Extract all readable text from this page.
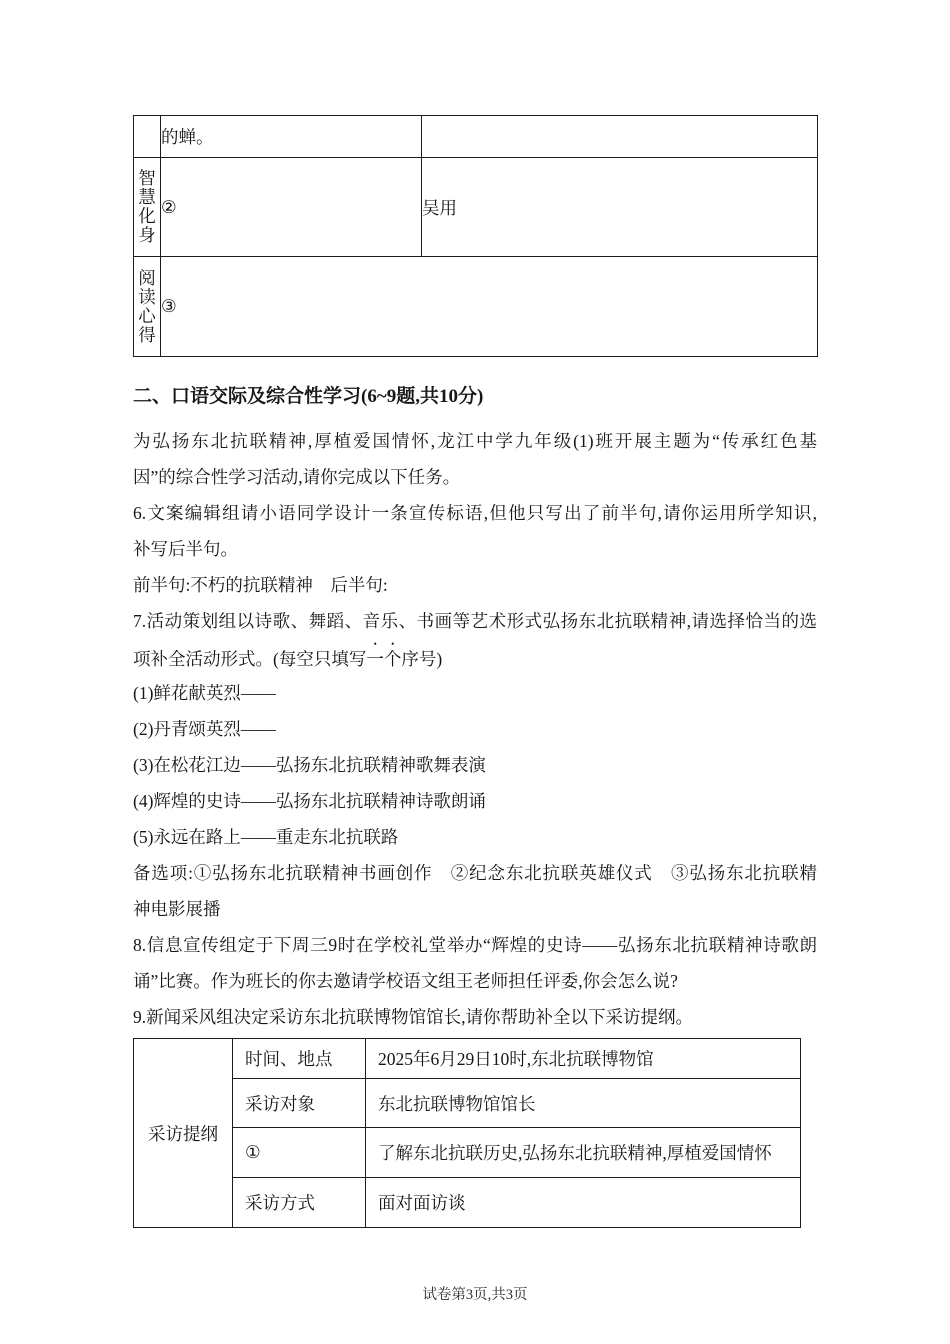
	的蝉。	
智慧化身	②	吴用
阅读心得	③	
二、口语交际及综合性学习(6~9题,共10分)

为弘扬东北抗联精神,厚植爱国情怀,龙江中学九年级(1)班开展主题为“传承红色基

因”的综合性学习活动,请你完成以下任务。

6.文案编辑组请小语同学设计一条宣传标语,但他只写出了前半句,请你运用所学知识,

补写后半句。

前半句:不朽的抗联精神　后半句:

7.活动策划组以诗歌、舞蹈、音乐、书画等艺术形式弘扬东北抗联精神,请选择恰当的选

项补全活动形式。(每空只填写一个序号)

(1)鲜花献英烈——

(2)丹青颂英烈——

(3)在松花江边——弘扬东北抗联精神歌舞表演

(4)辉煌的史诗——弘扬东北抗联精神诗歌朗诵

(5)永远在路上——重走东北抗联路

备选项:①弘扬东北抗联精神书画创作　②纪念东北抗联英雄仪式　③弘扬东北抗联精

神电影展播

8.信息宣传组定于下周三9时在学校礼堂举办“辉煌的史诗——弘扬东北抗联精神诗歌朗

诵”比赛。作为班长的你去邀请学校语文组王老师担任评委,你会怎么说?

9.新闻采风组决定采访东北抗联博物馆馆长,请你帮助补全以下采访提纲。

采访提纲	时间、地点	2025年6月29日10时,东北抗联博物馆
	采访对象	东北抗联博物馆馆长
	①	了解东北抗联历史,弘扬东北抗联精神,厚植爱国情怀
	采访方式	面对面访谈
试卷第3页,共3页
